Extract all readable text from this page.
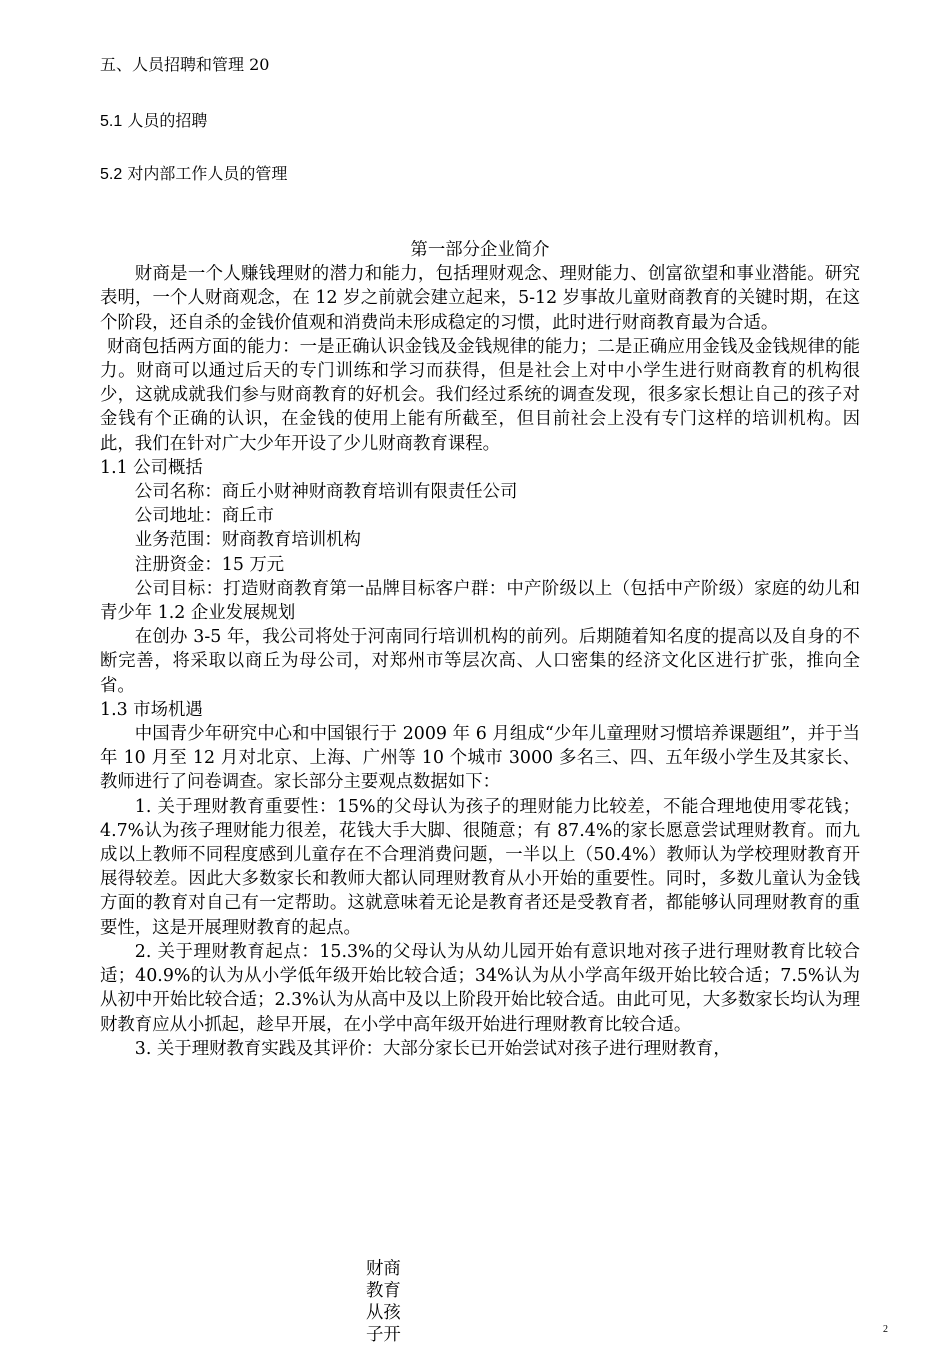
五、人员招聘和管理 20
5.1 人员的招聘
5.2 对内部工作人员的管理

第一部分企业简介

财商是一个人赚钱理财的潜力和能力，包括理财观念、理财能力、创富欲望和事业潜能。研究表明，一个人财商观念，在 12 岁之前就会建立起来，5-12 岁事故儿童财商教育的关键时期，在这个阶段，还自杀的金钱价值观和消费尚未形成稳定的习惯，此时进行财商教育最为合适。

财商包括两方面的能力：一是正确认识金钱及金钱规律的能力；二是正确应用金钱及金钱规律的能力。财商可以通过后天的专门训练和学习而获得，但是社会上对中小学生进行财商教育的机构很少，这就成就我们参与财商教育的好机会。我们经过系统的调查发现，很多家长想让自己的孩子对金钱有个正确的认识，在金钱的使用上能有所截至，但目前社会上没有专门这样的培训机构。因此，我们在针对广大少年开设了少儿财商教育课程。

1.1 公司概括

公司名称：商丘小财神财商教育培训有限责任公司

公司地址：商丘市

业务范围：财商教育培训机构

注册资金：15 万元

公司目标：打造财商教育第一品牌目标客户群：中产阶级以上（包括中产阶级）家庭的幼儿和青少年 1.2 企业发展规划

在创办 3-5 年，我公司将处于河南同行培训机构的前列。后期随着知名度的提高以及自身的不断完善，将采取以商丘为母公司，对郑州市等层次高、人口密集的经济文化区进行扩张，推向全省。

1.3 市场机遇

中国青少年研究中心和中国银行于 2009 年 6 月组成“少年儿童理财习惯培养课题组”，并于当年 10 月至 12 月对北京、上海、广州等 10 个城市 3000 多名三、四、五年级小学生及其家长、教师进行了问卷调查。家长部分主要观点数据如下：

1. 关于理财教育重要性：15%的父母认为孩子的理财能力比较差，不能合理地使用零花钱；4.7%认为孩子理财能力很差，花钱大手大脚、很随意；有 87.4%的家长愿意尝试理财教育。而九成以上教师不同程度感到儿童存在不合理消费问题，一半以上（50.4%）教师认为学校理财教育开展得较差。因此大多数家长和教师大都认同理财教育从小开始的重要性。同时，多数儿童认为金钱方面的教育对自己有一定帮助。这就意味着无论是教育者还是受教育者，都能够认同理财教育的重要性，这是开展理财教育的起点。

2. 关于理财教育起点：15.3%的父母认为从幼儿园开始有意识地对孩子进行理财教育比较合适；40.9%的认为从小学低年级开始比较合适；34%认为从小学高年级开始比较合适；7.5%认为从初中开始比较合适；2.3%认为从高中及以上阶段开始比较合适。由此可见，大多数家长均认为理财教育应从小抓起，趁早开展，在小学中高年级开始进行理财教育比较合适。

3. 关于理财教育实践及其评价：大部分家长已开始尝试对孩子进行理财教育，

财商教育从孩子开	2
